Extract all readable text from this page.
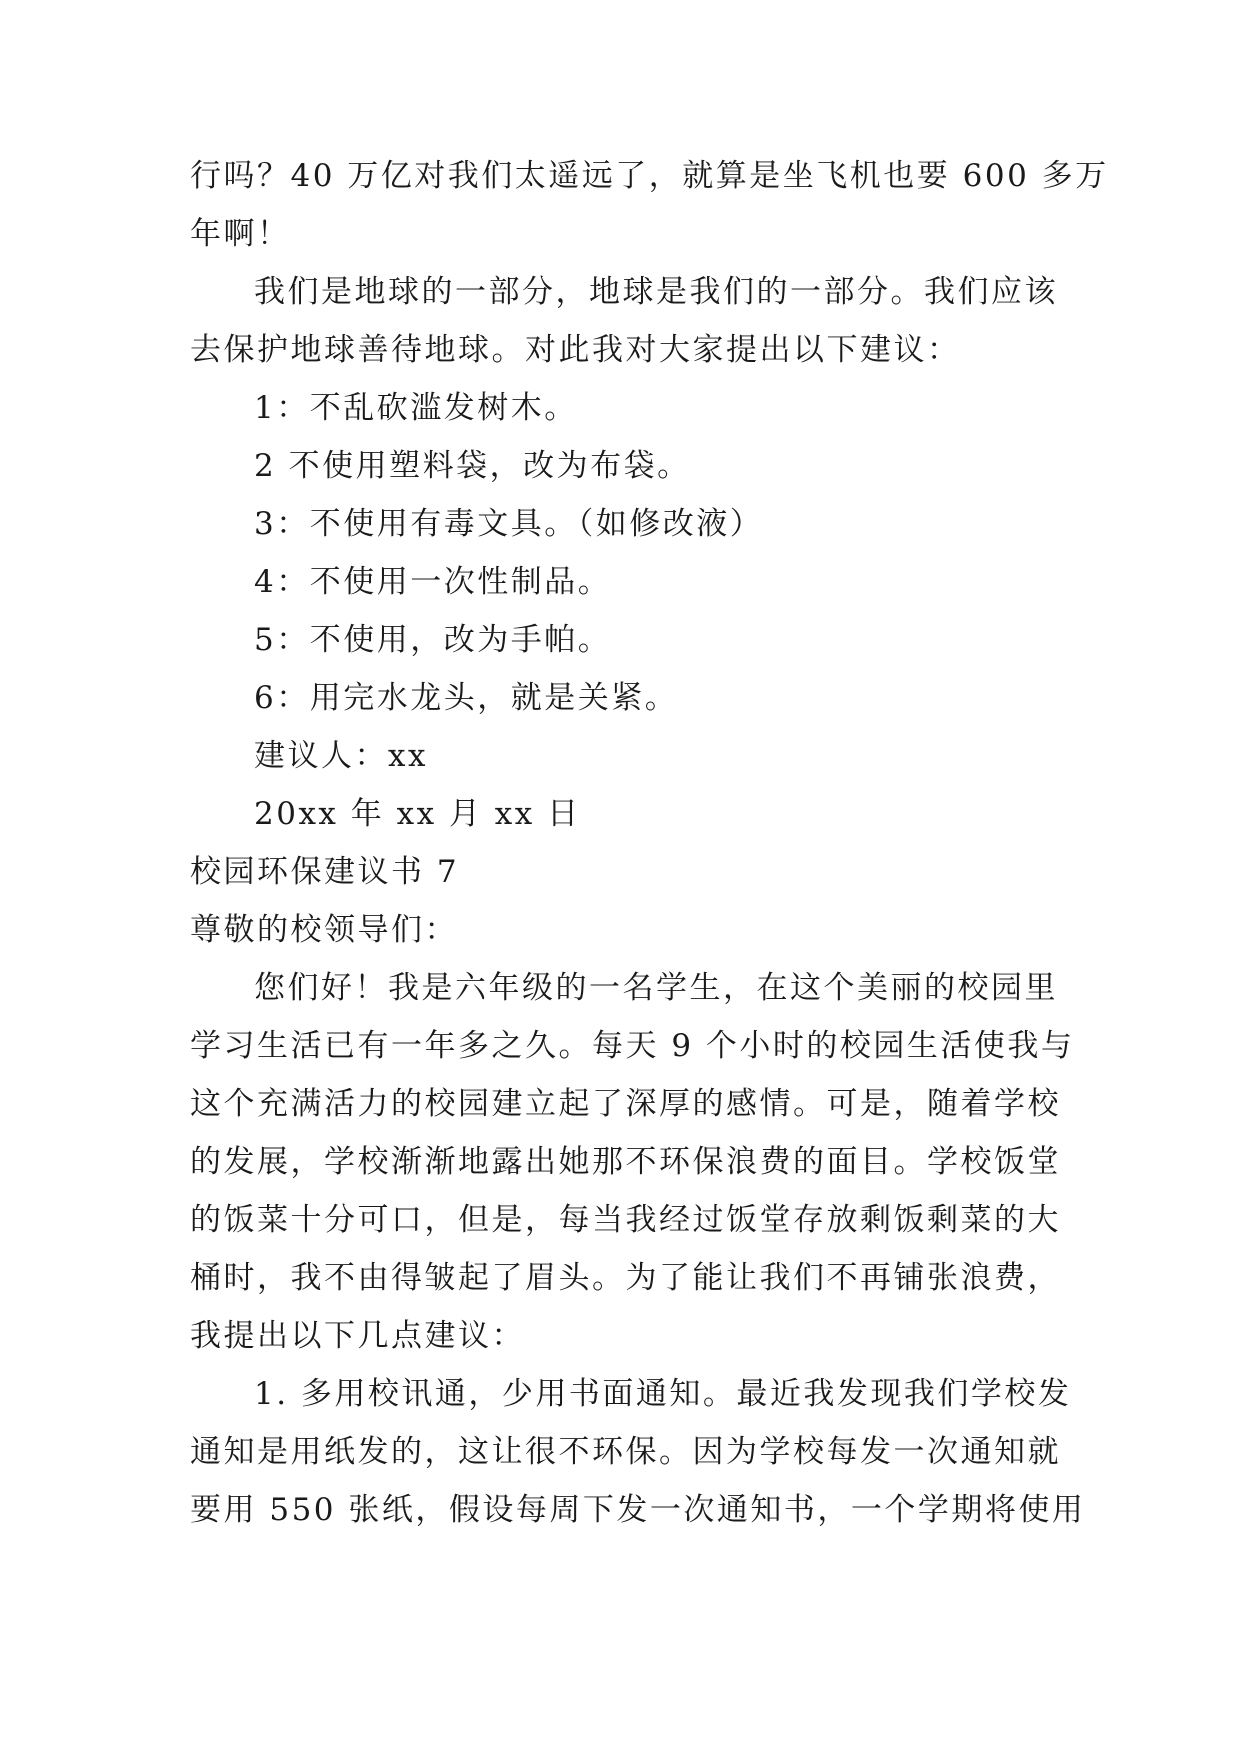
行吗？40 万亿对我们太遥远了，就算是坐飞机也要 600 多万
年啊！
我们是地球的一部分，地球是我们的一部分。我们应该
去保护地球善待地球。对此我对大家提出以下建议：
1：不乱砍滥发树木。
2 不使用塑料袋，改为布袋。
3：不使用有毒文具。（如修改液）
4：不使用一次性制品。
5：不使用，改为手帕。
6：用完水龙头，就是关紧。
建议人：xx
20xx 年 xx 月 xx 日
校园环保建议书 7
尊敬的校领导们：
您们好！我是六年级的一名学生，在这个美丽的校园里
学习生活已有一年多之久。每天 9 个小时的校园生活使我与
这个充满活力的校园建立起了深厚的感情。可是，随着学校
的发展，学校渐渐地露出她那不环保浪费的面目。学校饭堂
的饭菜十分可口，但是，每当我经过饭堂存放剩饭剩菜的大
桶时，我不由得皱起了眉头。为了能让我们不再铺张浪费，
我提出以下几点建议：
1. 多用校讯通，少用书面通知。最近我发现我们学校发
通知是用纸发的，这让很不环保。因为学校每发一次通知就
要用 550 张纸，假设每周下发一次通知书，一个学期将使用
